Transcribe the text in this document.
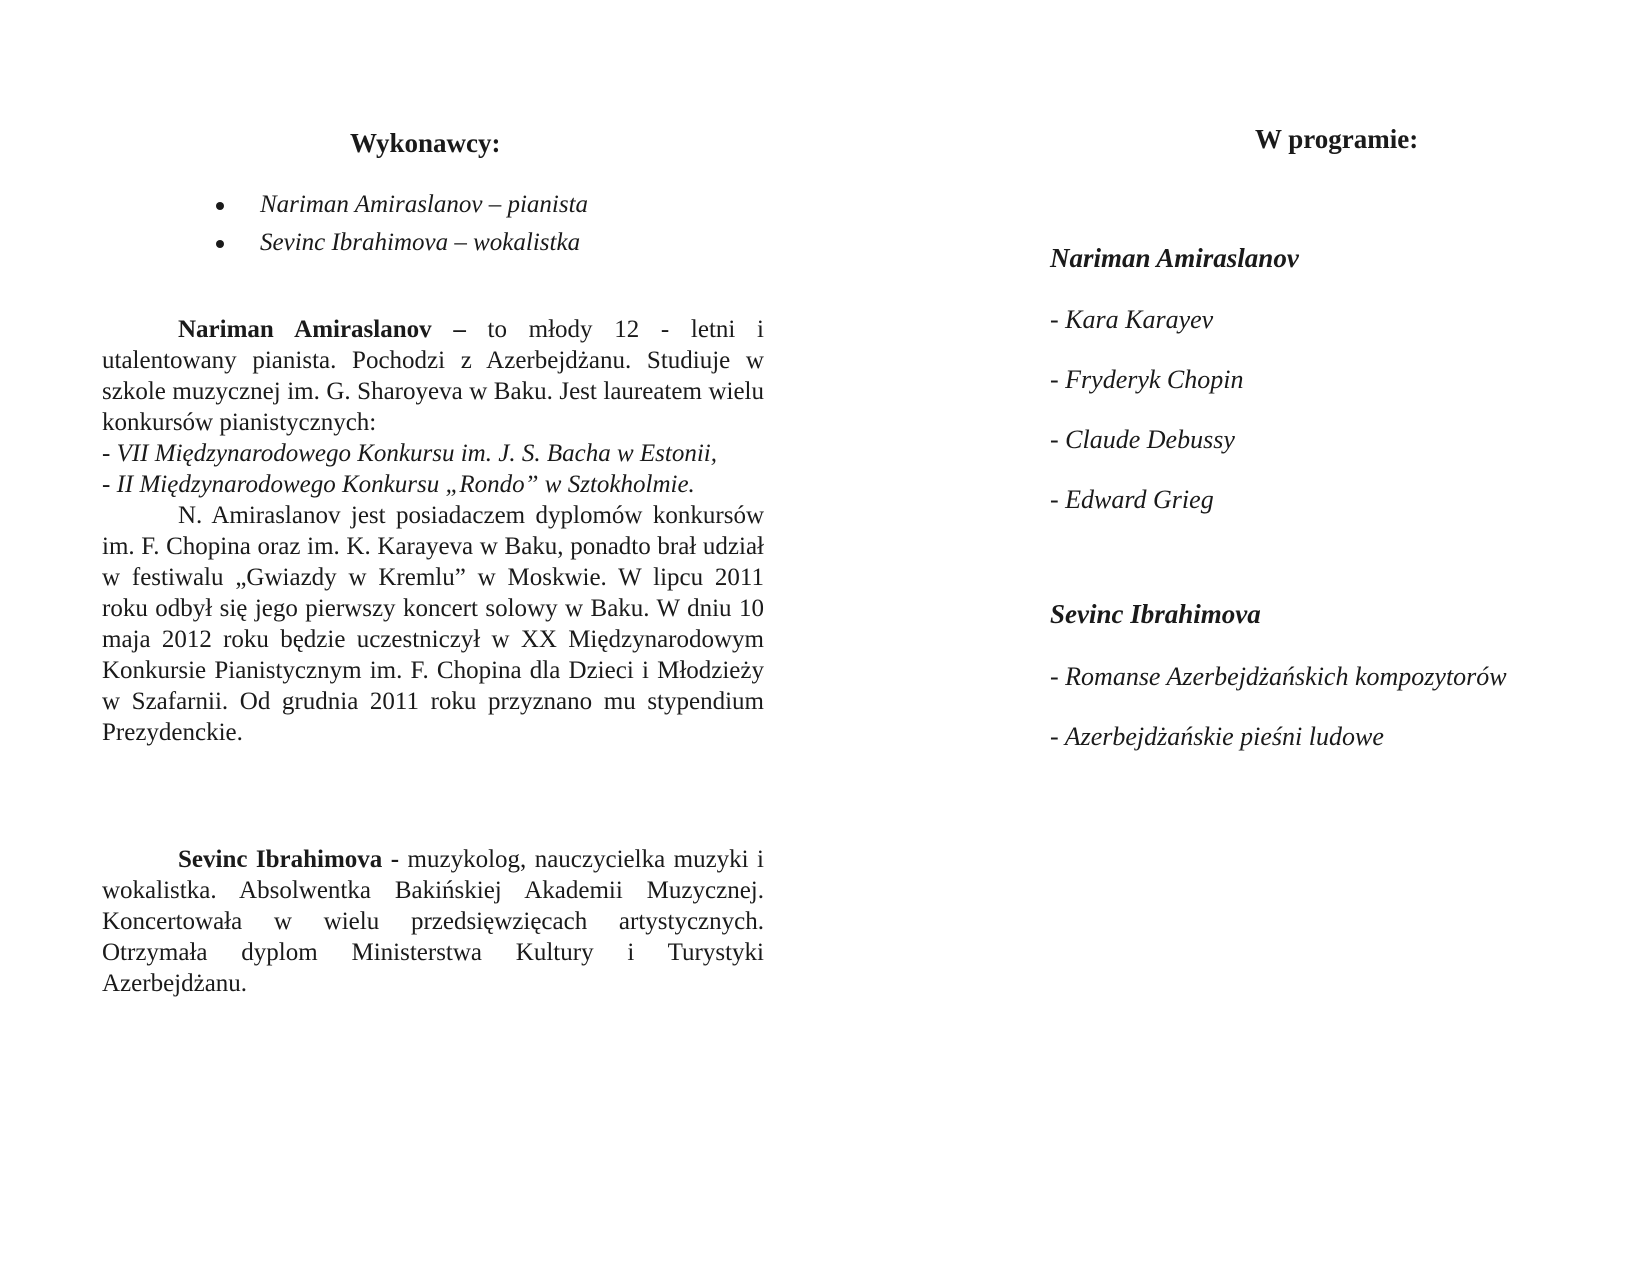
Wykonawcy:
Nariman Amiraslanov – pianista
Sevinc Ibrahimova – wokalistka

Nariman Amiraslanov – to młody 12 - letni i utalentowany pianista. Pochodzi z Azerbejdżanu. Studiuje w szkole muzycznej im. G. Sharoyeva w Baku. Jest laureatem wielu konkursów pianistycznych:

- VII Międzynarodowego Konkursu im. J. S. Bacha w Estonii,

- II Międzynarodowego Konkursu „Rondo” w Sztokholmie.

N. Amiraslanov jest posiadaczem dyplomów konkursów im. F. Chopina oraz im. K. Karayeva w Baku, ponadto brał udział w festiwalu „Gwiazdy w Kremlu” w Moskwie. W lipcu 2011 roku odbył się jego pierwszy koncert solowy w Baku. W dniu 10 maja 2012 roku będzie uczestniczył w XX Międzynarodowym Konkursie Pianistycznym im. F. Chopina dla Dzieci i Młodzieży w Szafarnii. Od grudnia 2011 roku przyznano mu stypendium Prezydenckie.

Sevinc Ibrahimova - muzykolog, nauczycielka muzyki i wokalistka. Absolwentka Bakińskiej Akademii Muzycznej. Koncertowała w wielu przedsięwzięcach artystycznych. Otrzymała dyplom Ministerstwa Kultury i Turystyki Azerbejdżanu.

W programie:
Nariman Amiraslanov
- Kara Karayev
- Fryderyk Chopin
- Claude Debussy
- Edward Grieg
Sevinc Ibrahimova
- Romanse Azerbejdżańskich kompozytorów
- Azerbejdżańskie pieśni ludowe
